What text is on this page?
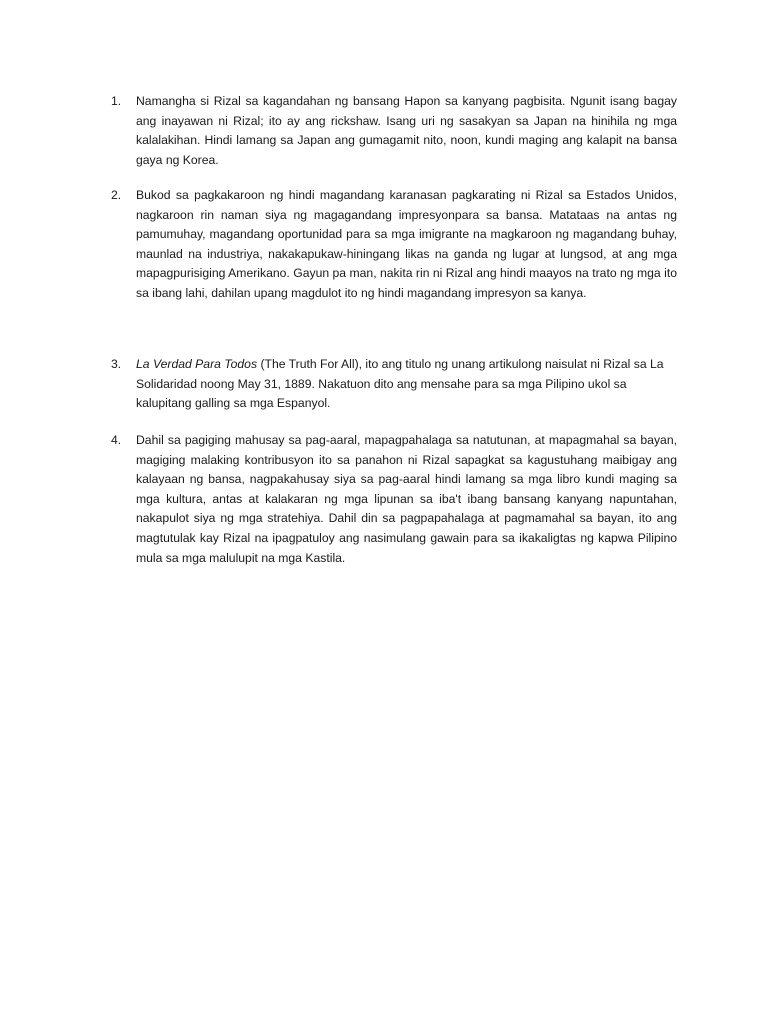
1.	Namangha si Rizal sa kagandahan ng bansang Hapon sa kanyang pagbisita. Ngunit isang bagay ang inayawan ni Rizal; ito ay ang rickshaw. Isang uri ng sasakyan sa Japan na hinihila ng mga kalalakihan. Hindi lamang sa Japan ang gumagamit nito, noon, kundi maging ang kalapit na bansa gaya ng Korea.
2.	Bukod sa pagkakaroon ng hindi magandang karanasan pagkarating ni Rizal sa Estados Unidos, nagkaroon rin naman siya ng magagandang impresyonpara sa bansa. Matataas na antas ng pamumuhay, magandang oportunidad para sa mga imigrante na magkaroon ng magandang buhay, maunlad na industriya, nakakapukaw-hiningang likas na ganda ng lugar at lungsod, at ang mga mapagpurisiging Amerikano. Gayun pa man, nakita rin ni Rizal ang hindi maayos na trato ng mga ito sa ibang lahi, dahilan upang magdulot ito ng hindi magandang impresyon sa kanya.
3.	La Verdad Para Todos (The Truth For All), ito ang titulo ng unang artikulong naisulat ni Rizal sa La Solidaridad noong May 31, 1889. Nakatuon dito ang mensahe para sa mga Pilipino ukol sa kalupitang galling sa mga Espanyol.
4.	Dahil sa pagiging mahusay sa pag-aaral, mapagpahalaga sa natutunan, at mapagmahal sa bayan, magiging malaking kontribusyon ito sa panahon ni Rizal sapagkat sa kagustuhang maibigay ang kalayaan ng bansa, nagpakahusay siya sa pag-aaral hindi lamang sa mga libro kundi maging sa mga kultura, antas at kalakaran ng mga lipunan sa iba't ibang bansang kanyang napuntahan, nakapulot siya ng mga stratehiya. Dahil din sa pagpapahalaga at pagmamahal sa bayan, ito ang magtutulak kay Rizal na ipagpatuloy ang nasimulang gawain para sa ikakaligtas ng kapwa Pilipino mula sa mga malulupit na mga Kastila.
